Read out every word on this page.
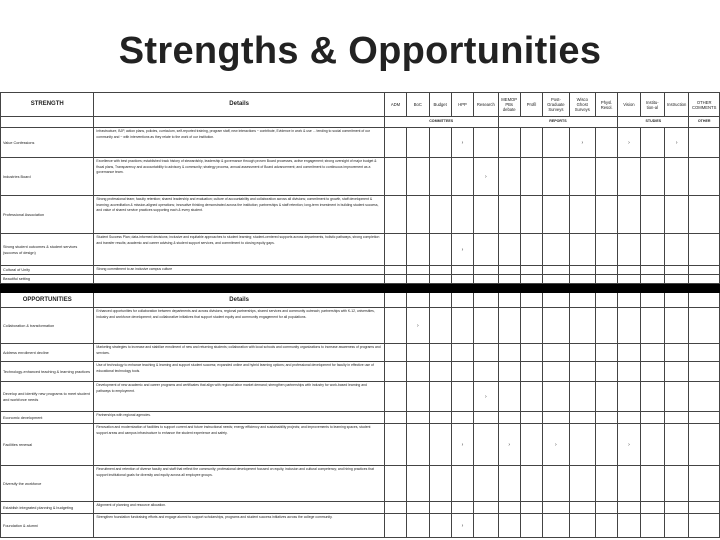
Strengths & Opportunities
STRENGTH	Details	ADM	BoC	Budget	HPP	Research	MEMOP PBs debate	Profil	Post-Graduate Surveys	Wisco Ghost Surveys	Physl. Resol.	Vision	Institu-tion-al	Instruction	OTHER COMMENTS
		COMMITTEES					REPORTS					STUDIES			OTHER
Value Confessions	Infrastructure, BJP, action plans, policies, curriculum, self-reported training, program staff, new interactions ~ contribute, Evidence in work & use ... tending to social commitment of our community and ~ with interventions as they relate to the work of our institution.				›					›		›		›	
Industries Board	Excellence with best practices; established track history of stewardship, leadership & governance through proven Board processes, active engagement; strong oversight of major budget & fiscal plans, Transparency and accountability to advisory & community; strategy process, annual assessment of Board advancement; and commitment to continuous improvement as a governance team.					›									
Professional Association	Strong professional team; faculty retention; shared leadership and evaluation; culture of accountability and collaboration across all divisions; commitment to growth, staff development & learning; accreditation & mission-aligned operations; innovative thinking demonstrated across the institution; partnerships & staff retention; long-term investment in building student success, and value of shared service practices supporting each & every student.														
Strong student outcomes & student services (success of design)	Student Success Plan; data-informed decisions; inclusive and equitable approaches to student learning; student-centered supports across departments, holistic pathways, strong completion and transfer results; academic and career advising & student support services, and commitment to closing equity gaps.				›										
Cultural of Unity	Strong commitment to an inclusive campus culture														
Beautiful setting															

OPPORTUNITIES	Details														
Collaboration & transformation	Enhanced opportunities for collaboration between departments and across divisions, regional partnerships, shared services and community outreach; partnerships with K-12, universities, industry and workforce development; and collaborative initiatives that support student equity and community engagement for all populations.		›												
Address enrollment decline	Marketing strategies to increase and stabilize enrollment of new and returning students; collaboration with local schools and community organizations to increase awareness of programs and services.														
Technology-enhanced teaching & learning practices	Use of technology to enhance teaching & learning and support student success; expanded online and hybrid learning options; and professional development for faculty in effective use of educational technology tools.														
Develop and identify new programs to meet student and workforce needs	Development of new academic and career programs and certificates that align with regional labor market demand; strengthen partnerships with industry for work-based learning and pathways to employment.					›									
Economic development	Partnerships with regional agencies.														
Facilities renewal	Renovation and modernization of facilities to support current and future instructional needs; energy efficiency and sustainability projects; and improvements to learning spaces, student support areas and campus infrastructure to enhance the student experience and safety.				›		›		›			›			
Diversify the workforce	Recruitment and retention of diverse faculty and staff that reflect the community; professional development focused on equity, inclusion and cultural competency; and hiring practices that support institutional goals for diversity and equity across all employee groups.														
Establish integrated planning & budgeting	Alignment of planning and resource allocation.														
Foundation & alumni	Strengthen foundation fundraising efforts and engage alumni to support scholarships, programs and student success initiatives across the college community.				›										
